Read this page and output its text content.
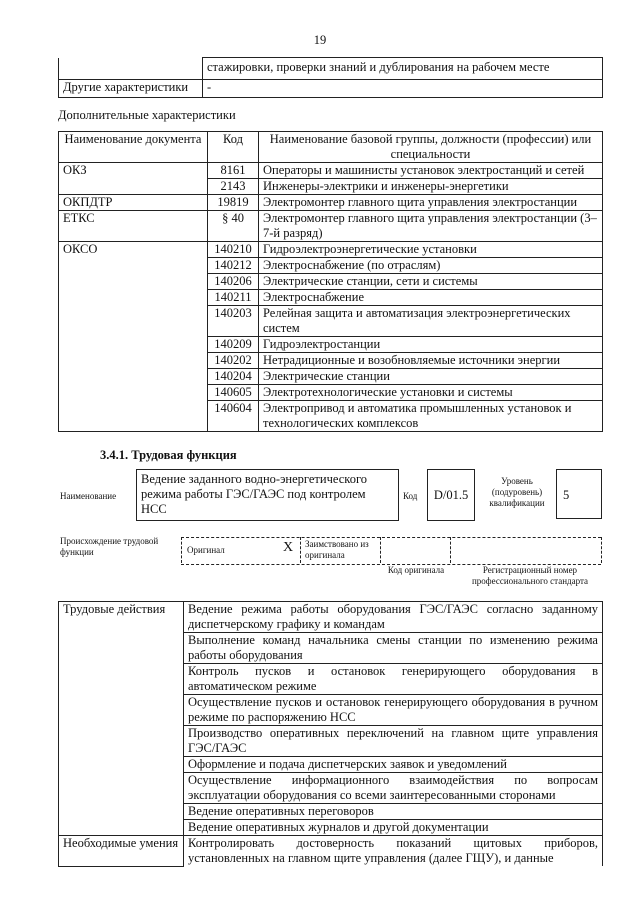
19
	стажировки, проверки знаний и дублирования на рабочем месте
Другие характеристики	-
Дополнительные характеристики
Наименование документа	Код	Наименование базовой группы, должности (профессии) или специальности
ОКЗ	8161	Операторы и машинисты установок электростанций и сетей
	2143	Инженеры-электрики и инженеры-энергетики
ОКПДТР	19819	Электромонтер главного щита управления электростанции
ЕТКС	§ 40	Электромонтер главного щита управления электростанции (3–7-й разряд)
ОКСО	140210	Гидроэлектроэнергетические установки
	140212	Электроснабжение (по отраслям)
	140206	Электрические станции, сети и системы
	140211	Электроснабжение
	140203	Релейная защита и автоматизация электроэнергетических систем
	140209	Гидроэлектростанции
	140202	Нетрадиционные и возобновляемые источники энергии
	140204	Электрические станции
	140605	Электротехнологические установки и системы
	140604	Электропривод и автоматика промышленных установок и технологических комплексов
3.4.1. Трудовая функция
Наименование
Ведение заданного водно-энергетического режима работы ГЭС/ГАЭС под контролем НСС
Код	D/01.5
Уровень (подуровень) квалификации
5
Происхождение трудовой функции	Оригинал	X Заимствовано из оригинала
Код оригинала	Регистрационный номер профессионального стандарта
Трудовые действия	Ведение режима работы оборудования ГЭС/ГАЭС согласно заданному диспетчерскому графику и командам
	Выполнение команд начальника смены станции по изменению режима работы оборудования
	Контроль пусков и остановок генерирующего оборудования в автоматическом режиме
	Осуществление пусков и остановок генерирующего оборудования в ручном режиме по распоряжению НСС
	Производство оперативных переключений на главном щите управления ГЭС/ГАЭС
	Оформление и подача диспетчерских заявок и уведомлений
	Осуществление информационного взаимодействия по вопросам эксплуатации оборудования со всеми заинтересованными сторонами
	Ведение оперативных переговоров
	Ведение оперативных журналов и другой документации
Необходимые умения	Контролировать достоверность показаний щитовых приборов, установленных на главном щите управления (далее ГЩУ), и данные
